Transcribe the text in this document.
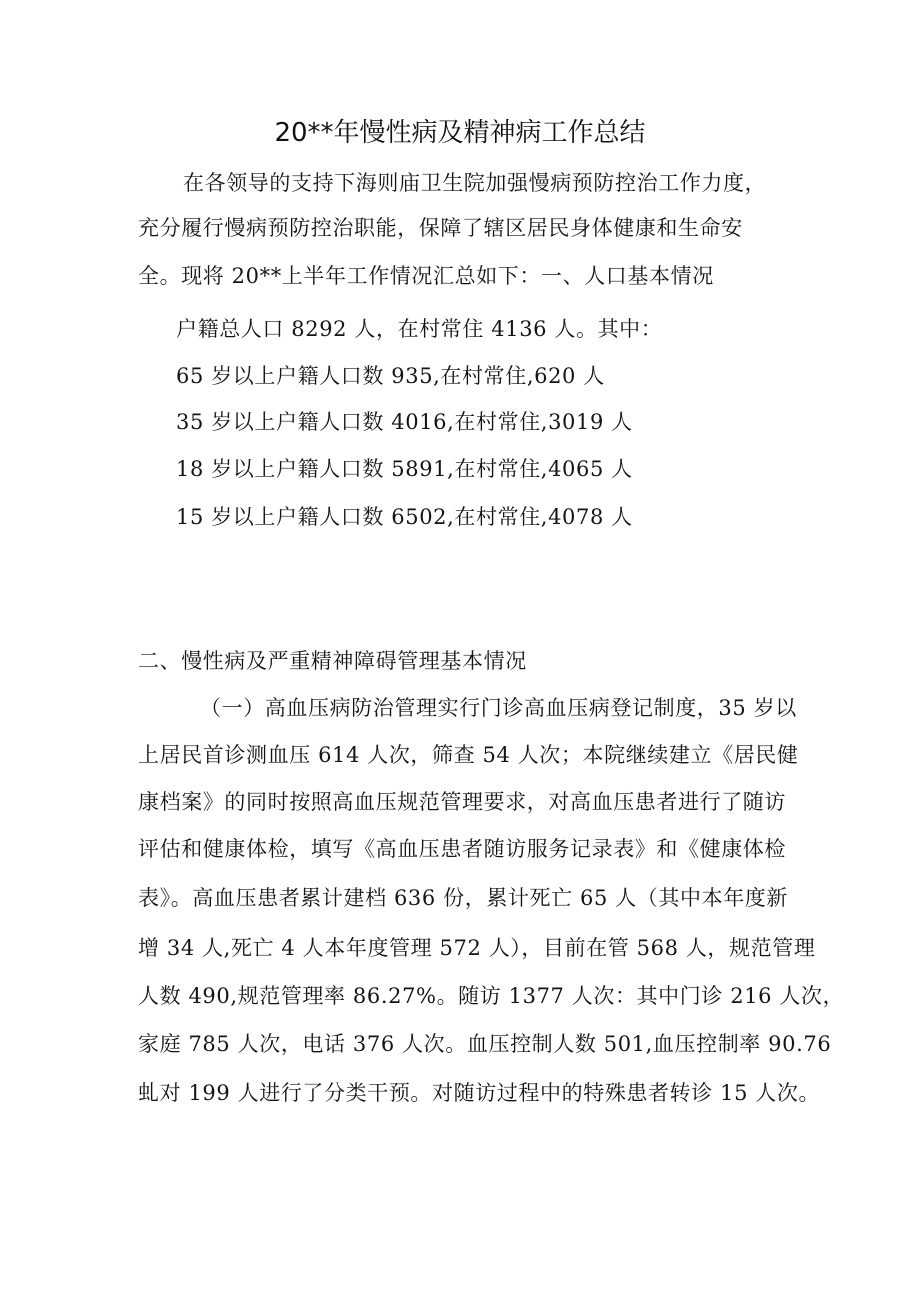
20**年慢性病及精神病工作总结
在各领导的支持下海则庙卫生院加强慢病预防控治工作力度，
充分履行慢病预防控治职能，保障了辖区居民身体健康和生命安
全。现将 20**上半年工作情况汇总如下：一、人口基本情况
户籍总人口 8292 人，在村常住 4136 人。其中：
65 岁以上户籍人口数 935,在村常住,620 人
35 岁以上户籍人口数 4016,在村常住,3019 人
18 岁以上户籍人口数 5891,在村常住,4065 人
15 岁以上户籍人口数 6502,在村常住,4078 人
二、慢性病及严重精神障碍管理基本情况
（一）高血压病防治管理实行门诊高血压病登记制度，35 岁以
上居民首诊测血压 614 人次，筛查 54 人次；本院继续建立《居民健
康档案》的同时按照高血压规范管理要求，对高血压患者进行了随访
评估和健康体检，填写《高血压患者随访服务记录表》和《健康体检
表》。高血压患者累计建档 636 份，累计死亡 65 人（其中本年度新
增 34 人,死亡 4 人本年度管理 572 人），目前在管 568 人，规范管理
人数 490,规范管理率 86.27%。随访 1377 人次：其中门诊 216 人次，
家庭 785 人次，电话 376 人次。血压控制人数 501,血压控制率 90.76
虬对 199 人进行了分类干预。对随访过程中的特殊患者转诊 15 人次。
